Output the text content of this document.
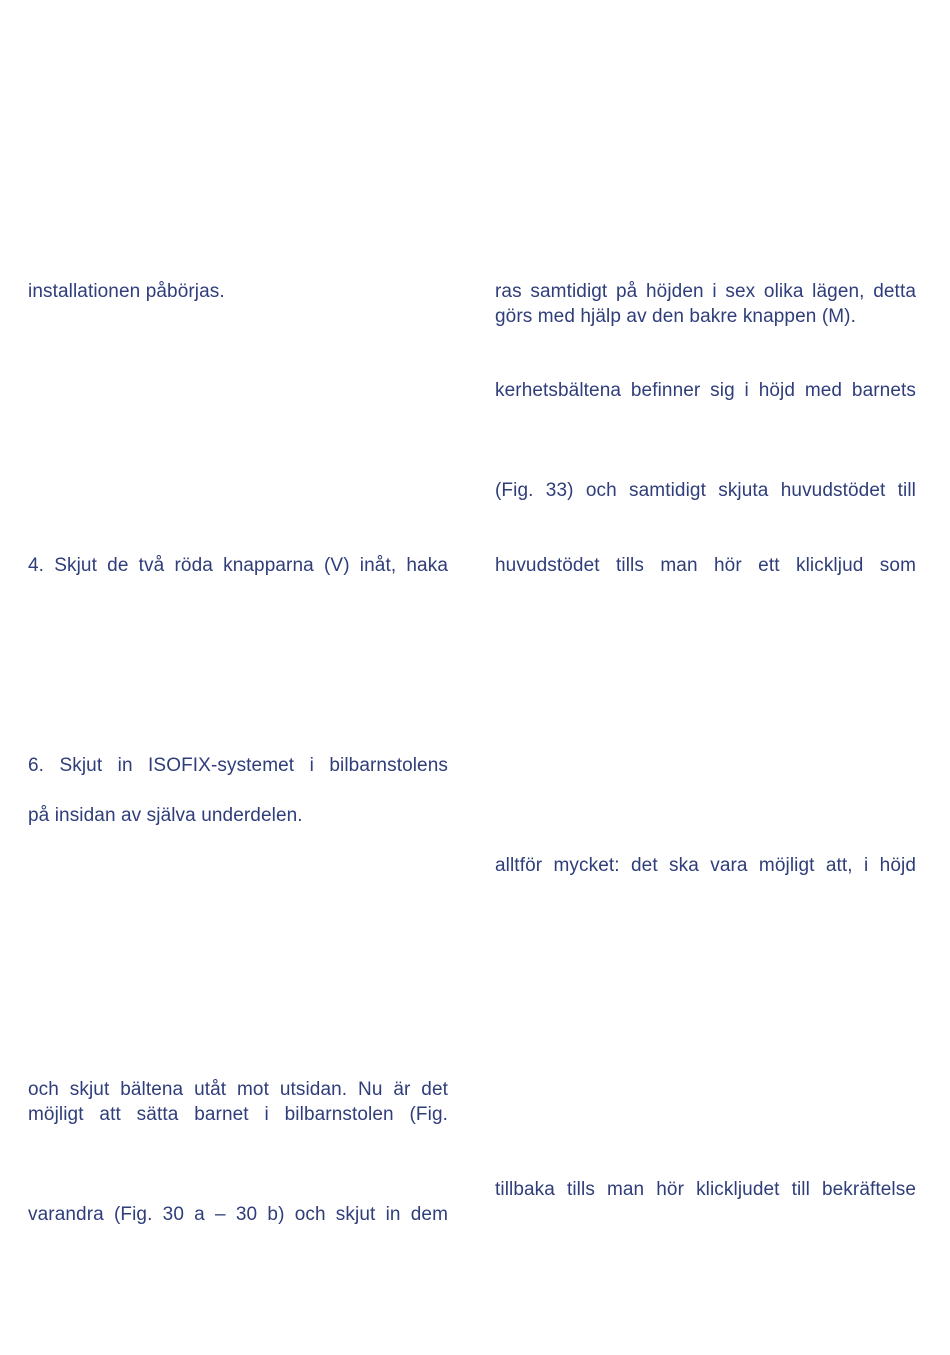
installationen påbörjas.
4. Skjut de två röda knapparna (V) inåt, haka
6. Skjut in ISOFIX-systemet i bilbarnstolens
på insidan av själva underdelen.
och skjut bältena utåt mot utsidan. Nu är det
möjligt att sätta barnet i bilbarnstolen (Fig.
varandra (Fig. 30 a – 30 b) och skjut in dem
ras samtidigt på höjden i sex olika lägen, detta
görs med hjälp av den bakre knappen (M).
kerhetsbältena befinner sig i höjd med barnets
(Fig. 33) och samtidigt skjuta huvudstödet till
huvudstödet tills man hör ett klickljud som
alltför mycket: det ska vara möjligt att, i höjd
tillbaka tills man hör klickljudet till bekräftelse
